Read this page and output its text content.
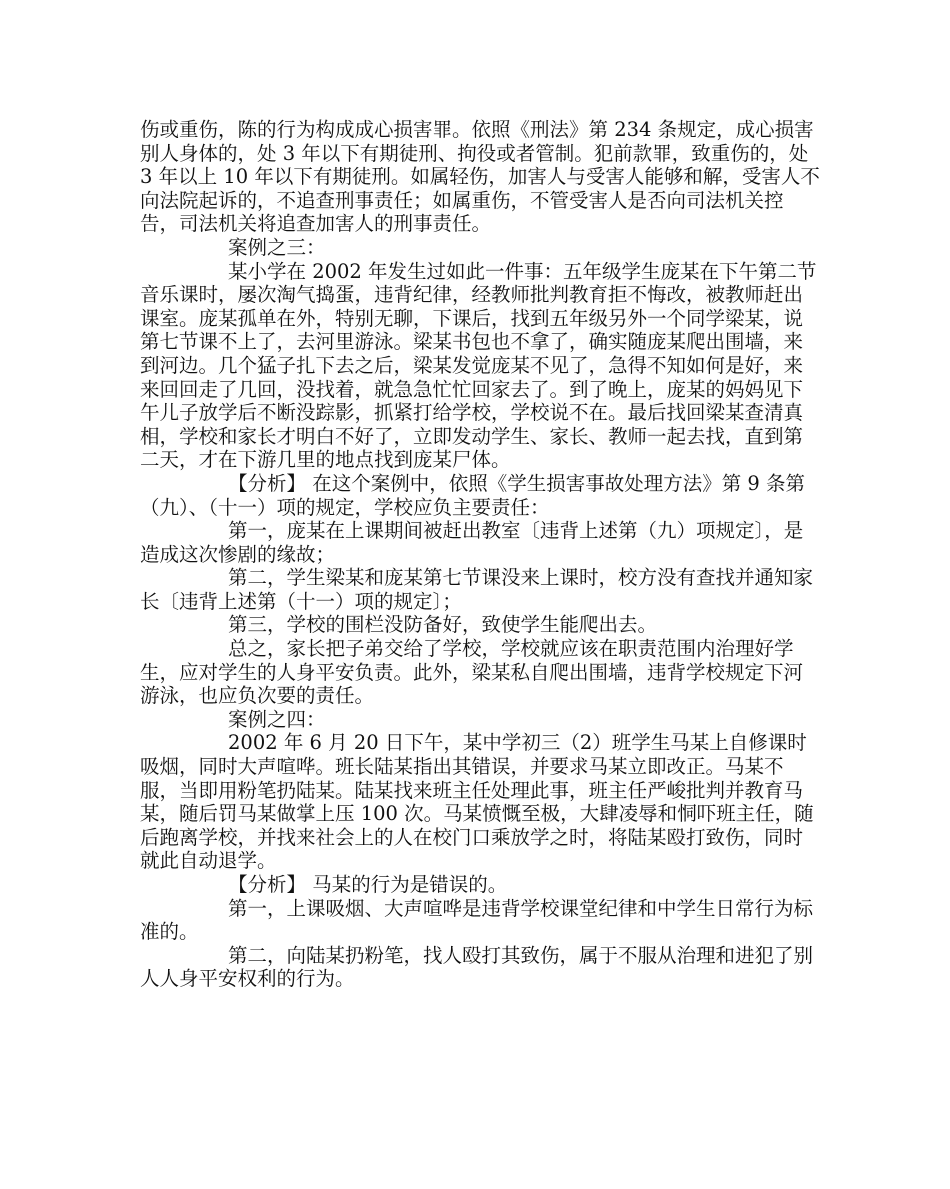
伤或重伤，陈的行为构成成心损害罪。依照《刑法》第 234 条规定，成心损害别人身体的，处 3 年以下有期徒刑、拘役或者管制。犯前款罪，致重伤的，处 3 年以上 10 年以下有期徒刑。如属轻伤，加害人与受害人能够和解，受害人不向法院起诉的，不追查刑事责任；如属重伤，不管受害人是否向司法机关控告，司法机关将追查加害人的刑事责任。

案例之三：

某小学在 2002 年发生过如此一件事：五年级学生庞某在下午第二节音乐课时，屡次淘气捣蛋，违背纪律，经教师批判教育拒不悔改，被教师赶出课室。庞某孤单在外，特别无聊，下课后，找到五年级另外一个同学梁某，说第七节课不上了，去河里游泳。梁某书包也不拿了，确实随庞某爬出围墙，来到河边。几个猛子扎下去之后，梁某发觉庞某不见了，急得不知如何是好，来来回回走了几回，没找着，就急急忙忙回家去了。到了晚上，庞某的妈妈见下午儿子放学后不断没踪影，抓紧打给学校，学校说不在。最后找回梁某查清真相，学校和家长才明白不好了，立即发动学生、家长、教师一起去找，直到第二天，才在下游几里的地点找到庞某尸体。

【分析】 在这个案例中，依照《学生损害事故处理方法》第 9 条第（九）、（十一）项的规定，学校应负主要责任：

第一，庞某在上课期间被赶出教室〔违背上述第（九）项规定〕，是造成这次惨剧的缘故；

第二，学生梁某和庞某第七节课没来上课时，校方没有查找并通知家长〔违背上述第（十一）项的规定〕；

第三，学校的围栏没防备好，致使学生能爬出去。

总之，家长把子弟交给了学校，学校就应该在职责范围内治理好学生，应对学生的人身平安负责。此外，梁某私自爬出围墙，违背学校规定下河游泳，也应负次要的责任。

案例之四：

2002 年 6 月 20 日下午，某中学初三（2）班学生马某上自修课时吸烟，同时大声喧哗。班长陆某指出其错误，并要求马某立即改正。马某不服，当即用粉笔扔陆某。陆某找来班主任处理此事，班主任严峻批判并教育马某，随后罚马某做掌上压 100 次。马某愤慨至极，大肆凌辱和恫吓班主任，随后跑离学校，并找来社会上的人在校门口乘放学之时，将陆某殴打致伤，同时就此自动退学。

【分析】 马某的行为是错误的。

第一，上课吸烟、大声喧哗是违背学校课堂纪律和中学生日常行为标准的。

第二，向陆某扔粉笔，找人殴打其致伤，属于不服从治理和进犯了别人人身平安权利的行为。
